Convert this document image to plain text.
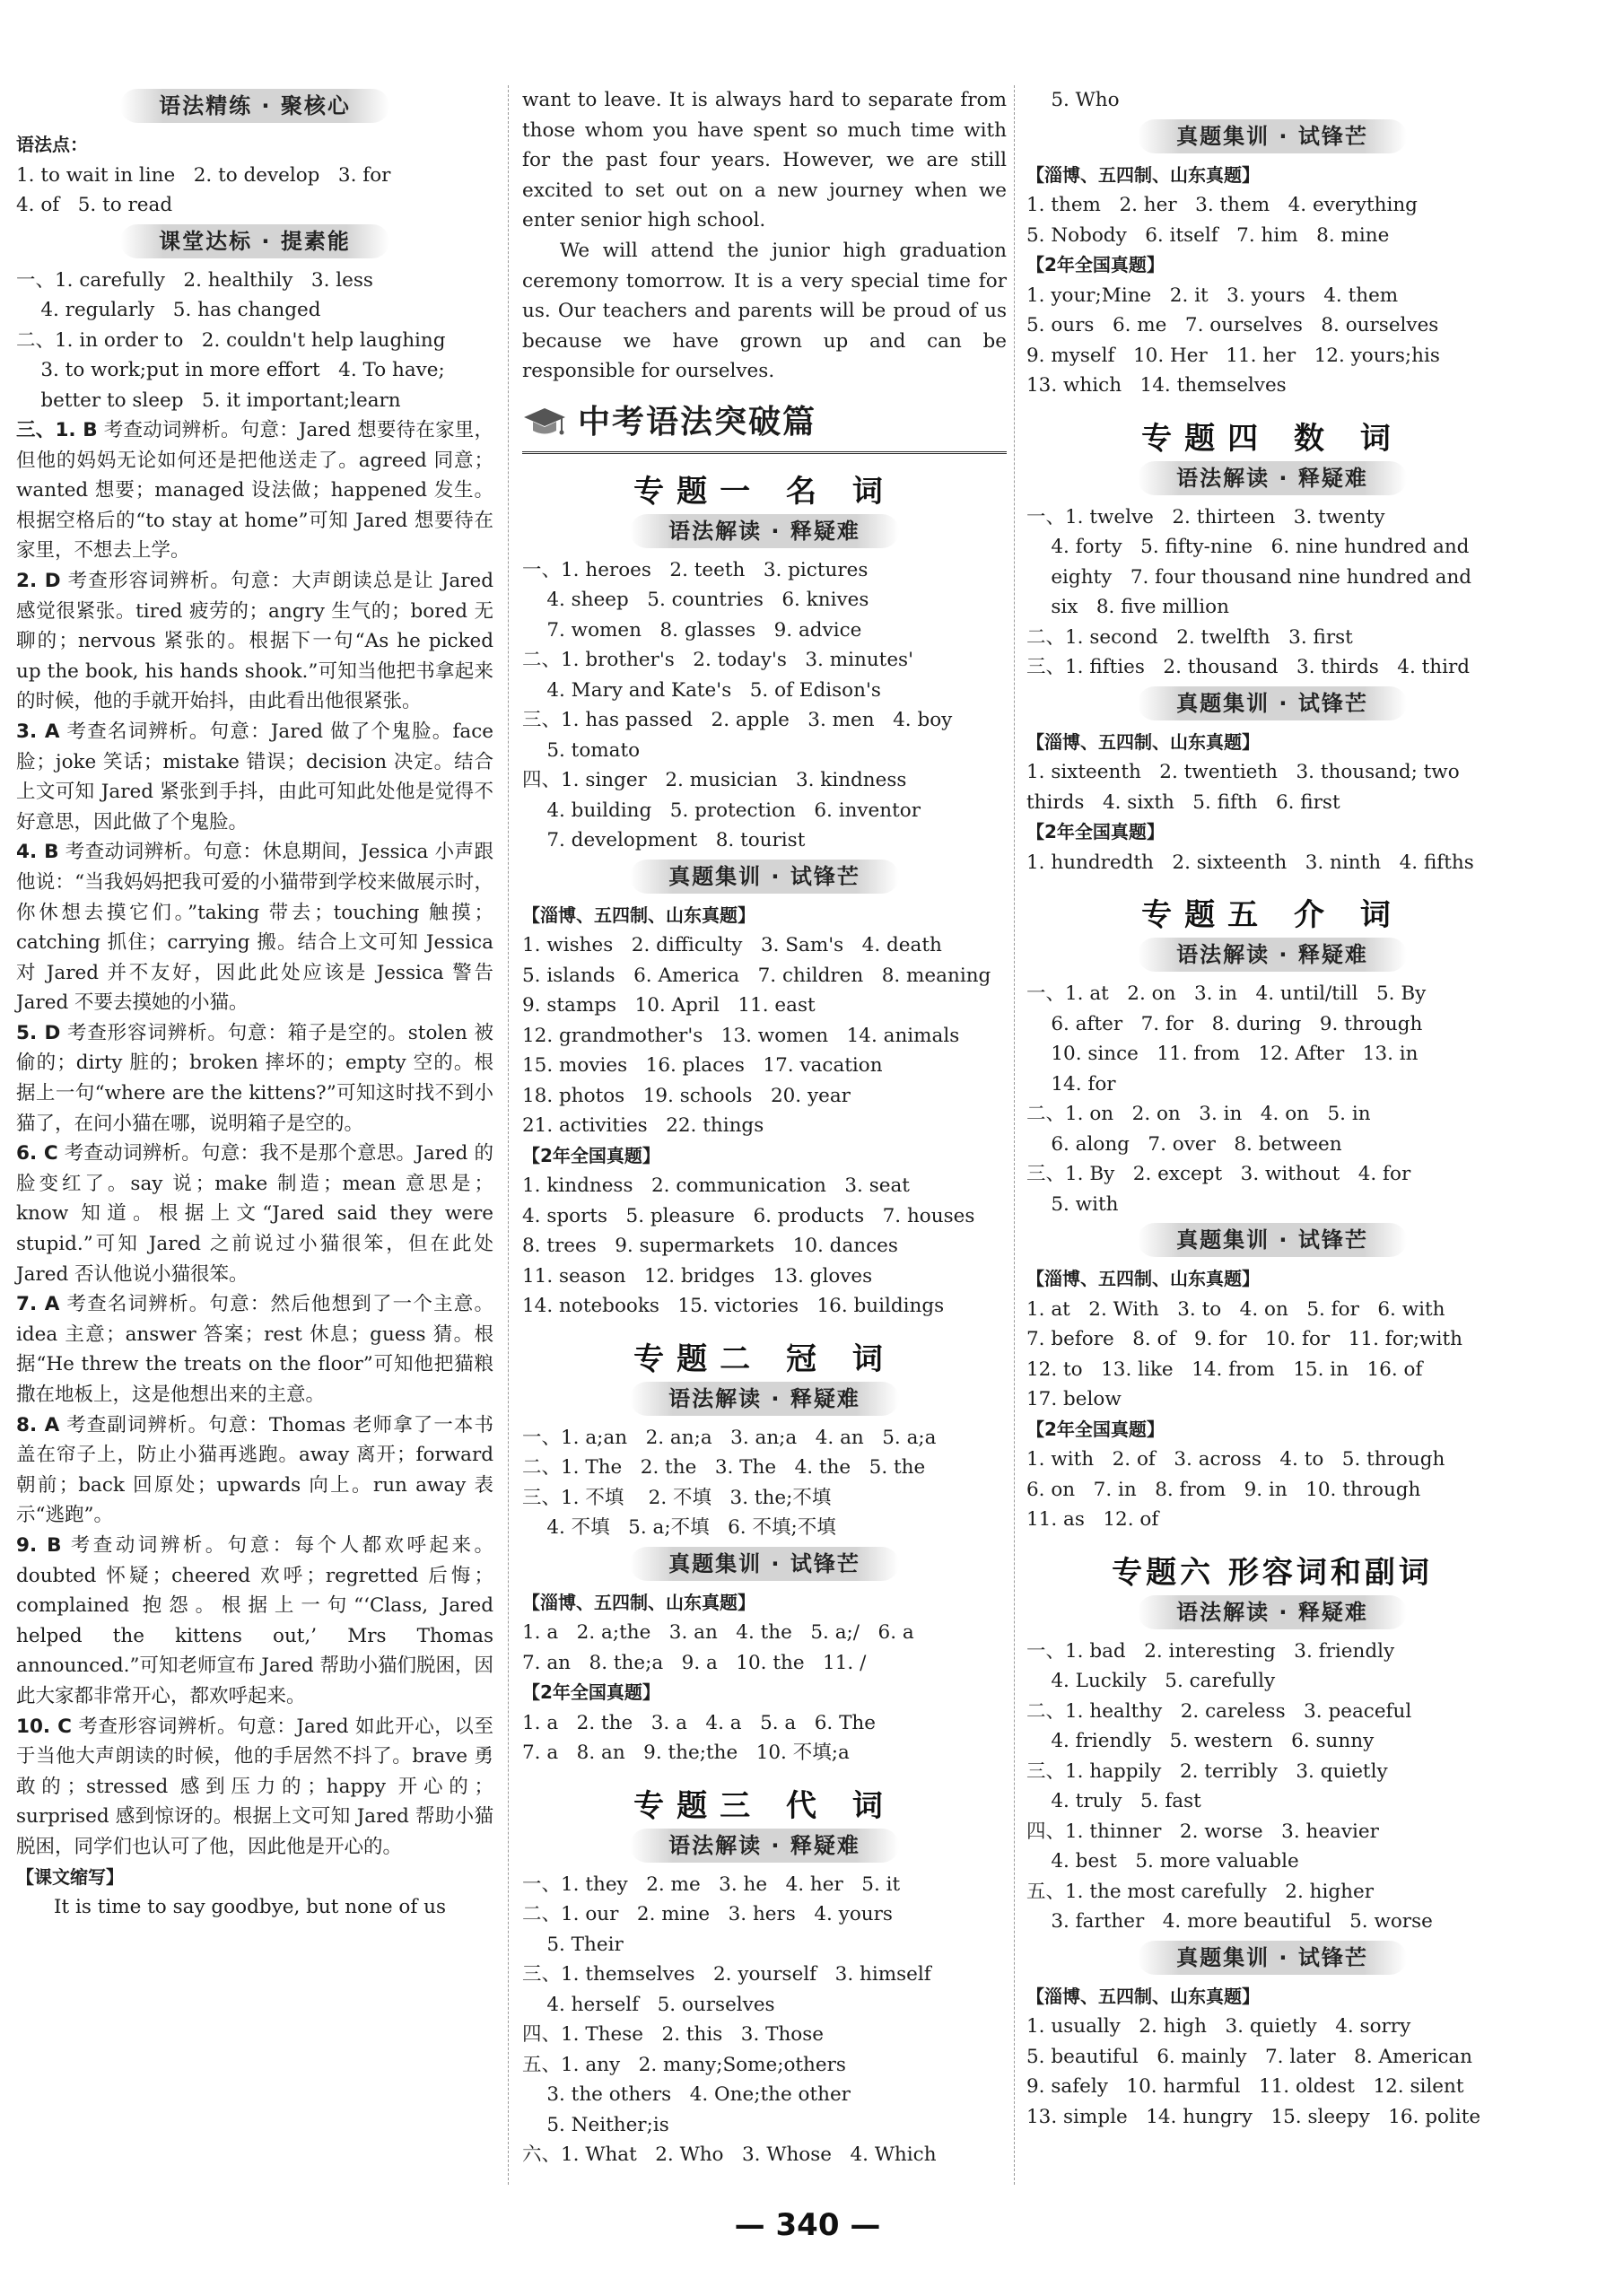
语法精练 · 聚核心
语法点：
1. to wait in line   2. to develop   3. for
4. of   5. to read
课堂达标 · 提素能
一、1. carefully   2. healthily   3. less
4. regularly   5. has changed
二、1. in order to   2. couldn't help laughing
3. to work;put in more effort   4. To have;
better to sleep   5. it important;learn
三、1. B 考查动词辨析。句意：Jared 想要待在家里，但他的妈妈无论如何还是把他送走了。agreed 同意；wanted 想要；managed 设法做；happened 发生。根据空格后的“to stay at home”可知 Jared 想要待在家里，不想去上学。
2. D 考查形容词辨析。句意：大声朗读总是让 Jared 感觉很紧张。tired 疲劳的；angry 生气的；bored 无聊的；nervous 紧张的。根据下一句“As he picked up the book, his hands shook.”可知当他把书拿起来的时候，他的手就开始抖，由此看出他很紧张。
3. A 考查名词辨析。句意：Jared 做了个鬼脸。face 脸；joke 笑话；mistake 错误；decision 决定。结合上文可知 Jared 紧张到手抖，由此可知此处他是觉得不好意思，因此做了个鬼脸。
4. B 考查动词辨析。句意：休息期间，Jessica 小声跟他说：“当我妈妈把我可爱的小猫带到学校来做展示时，你休想去摸它们。”taking 带去；touching 触摸；catching 抓住；carrying 搬。结合上文可知 Jessica 对 Jared 并不友好，因此此处应该是 Jessica 警告 Jared 不要去摸她的小猫。
5. D 考查形容词辨析。句意：箱子是空的。stolen 被偷的；dirty 脏的；broken 摔坏的；empty 空的。根据上一句“where are the kittens?”可知这时找不到小猫了，在问小猫在哪，说明箱子是空的。
6. C 考查动词辨析。句意：我不是那个意思。Jared 的脸变红了。say 说；make 制造；mean 意思是；know 知道。根据上文“Jared said they were stupid.”可知 Jared 之前说过小猫很笨，但在此处 Jared 否认他说小猫很笨。
7. A 考查名词辨析。句意：然后他想到了一个主意。idea 主意；answer 答案；rest 休息；guess 猜。根据“He threw the treats on the floor”可知他把猫粮撒在地板上，这是他想出来的主意。
8. A 考查副词辨析。句意：Thomas 老师拿了一本书盖在帘子上，防止小猫再逃跑。away 离开；forward 朝前；back 回原处；upwards 向上。run away 表示“逃跑”。
9. B 考查动词辨析。句意：每个人都欢呼起来。doubted 怀疑；cheered 欢呼；regretted 后悔；complained 抱怨。根据上一句“‘Class, Jared helped the kittens out,’ Mrs Thomas announced.”可知老师宣布 Jared 帮助小猫们脱困，因此大家都非常开心，都欢呼起来。
10. C 考查形容词辨析。句意：Jared 如此开心，以至于当他大声朗读的时候，他的手居然不抖了。brave 勇敢的；stressed 感到压力的；happy 开心的；surprised 感到惊讶的。根据上文可知 Jared 帮助小猫脱困，同学们也认可了他，因此他是开心的。
【课文缩写】
It is time to say goodbye, but none of us
want to leave. It is always hard to separate from those whom you have spent so much time with for the past four years. However, we are still excited to set out on a new journey when we enter senior high school.
We will attend the junior high graduation ceremony tomorrow. It is a very special time for us. Our teachers and parents will be proud of us because we have grown up and can be responsible for ourselves.
中考语法突破篇
专题一 名 词
语法解读 · 释疑难
一、1. heroes   2. teeth   3. pictures
4. sheep   5. countries   6. knives
7. women   8. glasses   9. advice
二、1. brother's   2. today's   3. minutes'
4. Mary and Kate's   5. of Edison's
三、1. has passed   2. apple   3. men   4. boy
5. tomato
四、1. singer   2. musician   3. kindness
4. building   5. protection   6. inventor
7. development   8. tourist
真题集训 · 试锋芒
【淄博、五四制、山东真题】
1. wishes   2. difficulty   3. Sam's   4. death
5. islands   6. America   7. children   8. meaning
9. stamps   10. April   11. east
12. grandmother's   13. women   14. animals
15. movies   16. places   17. vacation
18. photos   19. schools   20. year
21. activities   22. things
【2年全国真题】
1. kindness   2. communication   3. seat
4. sports   5. pleasure   6. products   7. houses
8. trees   9. supermarkets   10. dances
11. season   12. bridges   13. gloves
14. notebooks   15. victories   16. buildings
专题二 冠 词
语法解读 · 释疑难
一、1. a;an   2. an;a   3. an;a   4. an   5. a;a
二、1. The   2. the   3. The   4. the   5. the
三、1. 不填    2. 不填   3. the;不填
4. 不填   5. a;不填   6. 不填;不填
真题集训 · 试锋芒
【淄博、五四制、山东真题】
1. a   2. a;the   3. an   4. the   5. a;/   6. a
7. an   8. the;a   9. a   10. the   11. /
【2年全国真题】
1. a   2. the   3. a   4. a   5. a   6. The
7. a   8. an   9. the;the   10. 不填;a
专题三 代 词
语法解读 · 释疑难
一、1. they   2. me   3. he   4. her   5. it
二、1. our   2. mine   3. hers   4. yours
5. Their
三、1. themselves   2. yourself   3. himself
4. herself   5. ourselves
四、1. These   2. this   3. Those
五、1. any   2. many;Some;others
3. the others   4. One;the other
5. Neither;is
六、1. What   2. Who   3. Whose   4. Which
5. Who
真题集训 · 试锋芒
【淄博、五四制、山东真题】
1. them   2. her   3. them   4. everything
5. Nobody   6. itself   7. him   8. mine
【2年全国真题】
1. your;Mine   2. it   3. yours   4. them
5. ours   6. me   7. ourselves   8. ourselves
9. myself   10. Her   11. her   12. yours;his
13. which   14. themselves
专题四 数 词
语法解读 · 释疑难
一、1. twelve   2. thirteen   3. twenty
4. forty   5. fifty-nine   6. nine hundred and
eighty   7. four thousand nine hundred and
six   8. five million
二、1. second   2. twelfth   3. first
三、1. fifties   2. thousand   3. thirds   4. third
真题集训 · 试锋芒
【淄博、五四制、山东真题】
1. sixteenth   2. twentieth   3. thousand; two
thirds   4. sixth   5. fifth   6. first
【2年全国真题】
1. hundredth   2. sixteenth   3. ninth   4. fifths
专题五 介 词
语法解读 · 释疑难
一、1. at   2. on   3. in   4. until/till   5. By
6. after   7. for   8. during   9. through
10. since   11. from   12. After   13. in
14. for
二、1. on   2. on   3. in   4. on   5. in
6. along   7. over   8. between
三、1. By   2. except   3. without   4. for
5. with
真题集训 · 试锋芒
【淄博、五四制、山东真题】
1. at   2. With   3. to   4. on   5. for   6. with
7. before   8. of   9. for   10. for   11. for;with
12. to   13. like   14. from   15. in   16. of
17. below
【2年全国真题】
1. with   2. of   3. across   4. to   5. through
6. on   7. in   8. from   9. in   10. through
11. as   12. of
专题六 形容词和副词
语法解读 · 释疑难
一、1. bad   2. interesting   3. friendly
4. Luckily   5. carefully
二、1. healthy   2. careless   3. peaceful
4. friendly   5. western   6. sunny
三、1. happily   2. terribly   3. quietly
4. truly   5. fast
四、1. thinner   2. worse   3. heavier
4. best   5. more valuable
五、1. the most carefully   2. higher
3. farther   4. more beautiful   5. worse
真题集训 · 试锋芒
【淄博、五四制、山东真题】
1. usually   2. high   3. quietly   4. sorry
5. beautiful   6. mainly   7. later   8. American
9. safely   10. harmful   11. oldest   12. silent
13. simple   14. hungry   15. sleepy   16. polite
— 340 —
